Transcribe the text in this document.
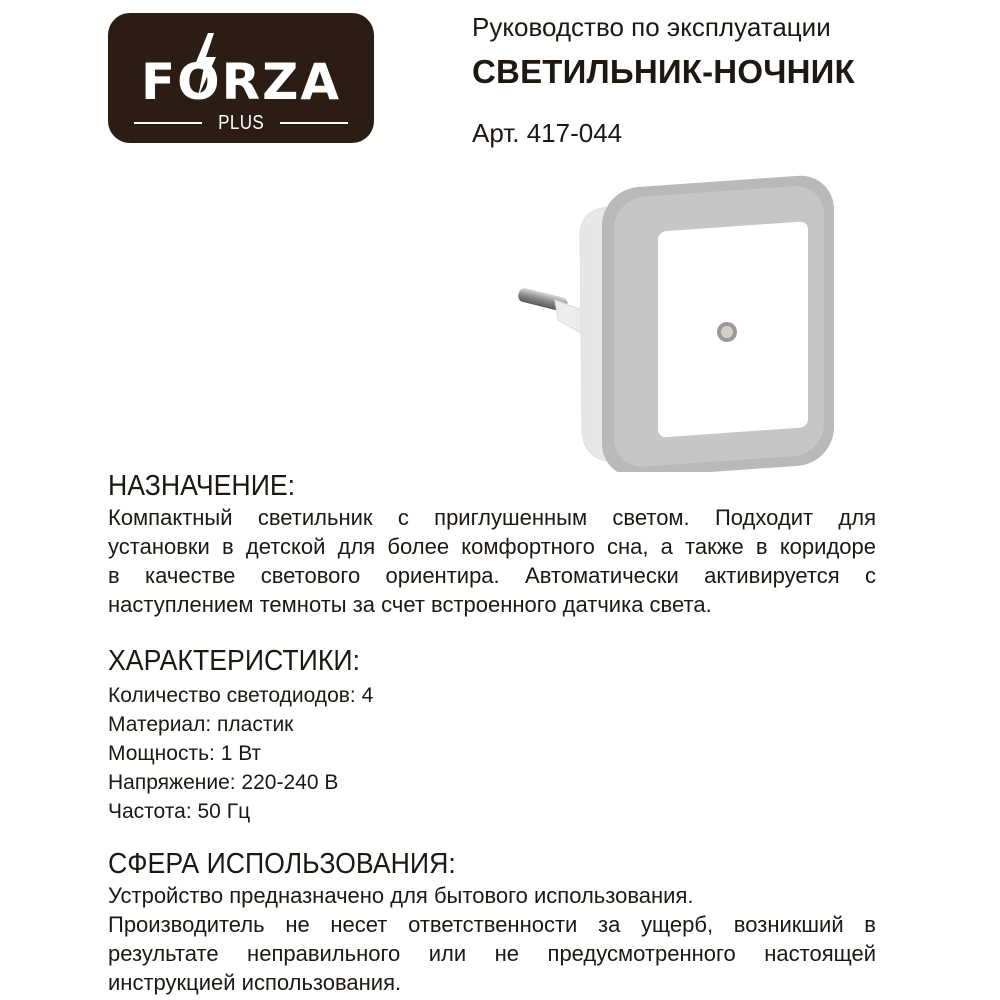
FORZA
PLUS
Руководство по эксплуатации
СВЕТИЛЬНИК-НОЧНИК
Арт. 417-044
НАЗНАЧЕНИЕ:
Компактный светильник с приглушенным светом. Подходит для
установки в детской для более комфортного сна, а также в коридоре
в качестве светового ориентира. Автоматически активируется с
наступлением темноты за счет встроенного датчика света.
ХАРАКТЕРИСТИКИ:
Количество светодиодов: 4
Материал: пластик
Мощность: 1 Вт
Напряжение: 220-240 В
Частота: 50 Гц
СФЕРА ИСПОЛЬЗОВАНИЯ:
Устройство предназначено для бытового использования.
Производитель не несет ответственности за ущерб, возникший в
результате неправильного или не предусмотренного настоящей
инструкцией использования.
